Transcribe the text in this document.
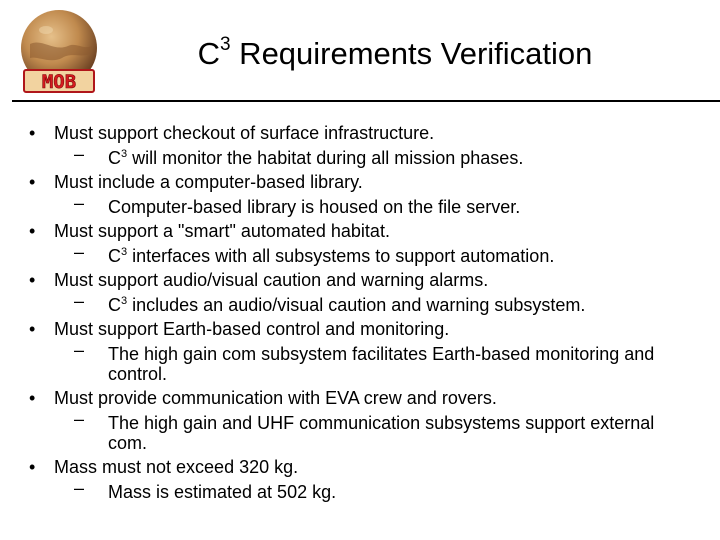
MOB
$C^3$ Requirements Verification
• Must support checkout of surface infrastructure.
– $C^3$ will monitor the habitat during all mission phases.
• Must include a computer-based library.
– Computer-based library is housed on the file server.
• Must support a "smart" automated habitat.
– $C^3$ interfaces with all subsystems to support automation.
• Must support audio/visual caution and warning alarms.
– $C^3$ includes an audio/visual caution and warning subsystem.
• Must support Earth-based control and monitoring.
– The high gain com subsystem facilitates Earth-based monitoring and control.
• Must provide communication with EVA crew and rovers.
– The high gain and UHF communication subsystems support external com.
• Mass must not exceed 320 kg.
– Mass is estimated at 502 kg.
